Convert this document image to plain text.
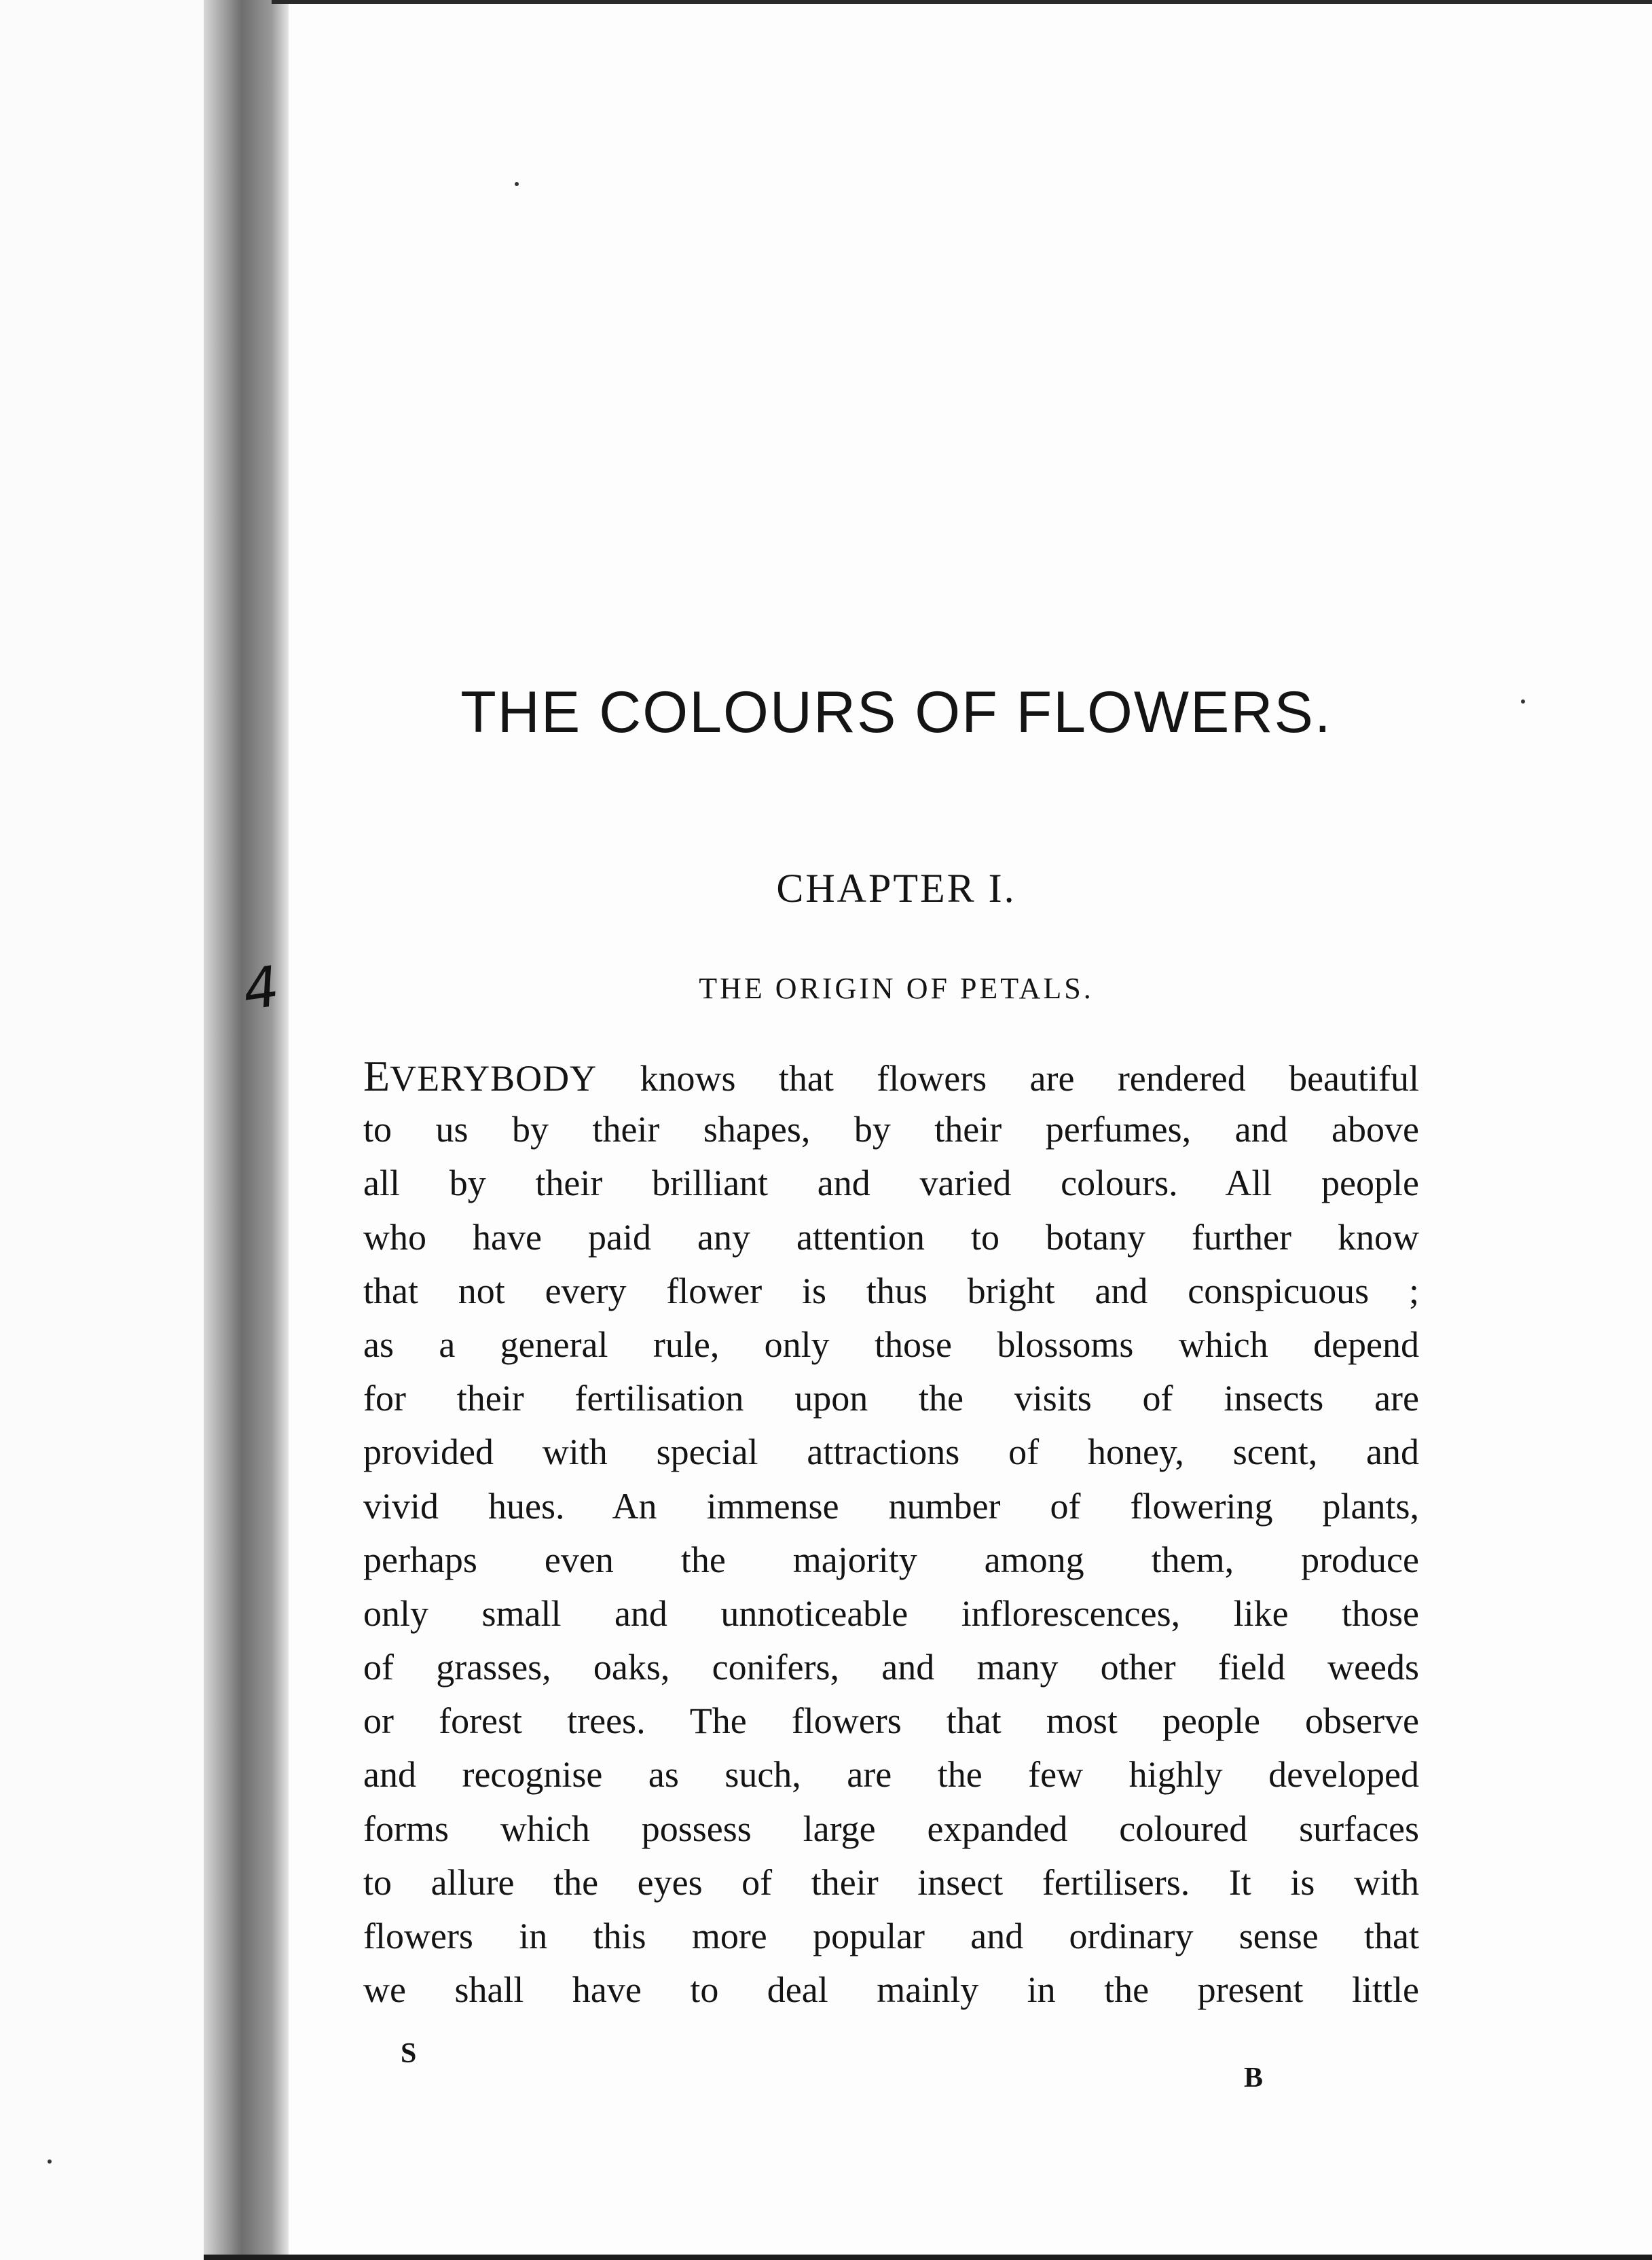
4
THE COLOURS OF FLOWERS.
CHAPTER I.
THE ORIGIN OF PETALS.
EVERYBODY knows that flowers are rendered beautiful
to us by their shapes, by their perfumes, and above
all by their brilliant and varied colours. All people
who have paid any attention to botany further know
that not every flower is thus bright and conspicuous ;
as a general rule, only those blossoms which depend
for their fertilisation upon the visits of insects are
provided with special attractions of honey, scent, and
vivid hues. An immense number of flowering plants,
perhaps even the majority among them, produce
only small and unnoticeable inflorescences, like those
of grasses, oaks, conifers, and many other field weeds
or forest trees. The flowers that most people observe
and recognise as such, are the few highly developed
forms which possess large expanded coloured surfaces
to allure the eyes of their insect fertilisers. It is with
flowers in this more popular and ordinary sense that
we shall have to deal mainly in the present little
S
B
